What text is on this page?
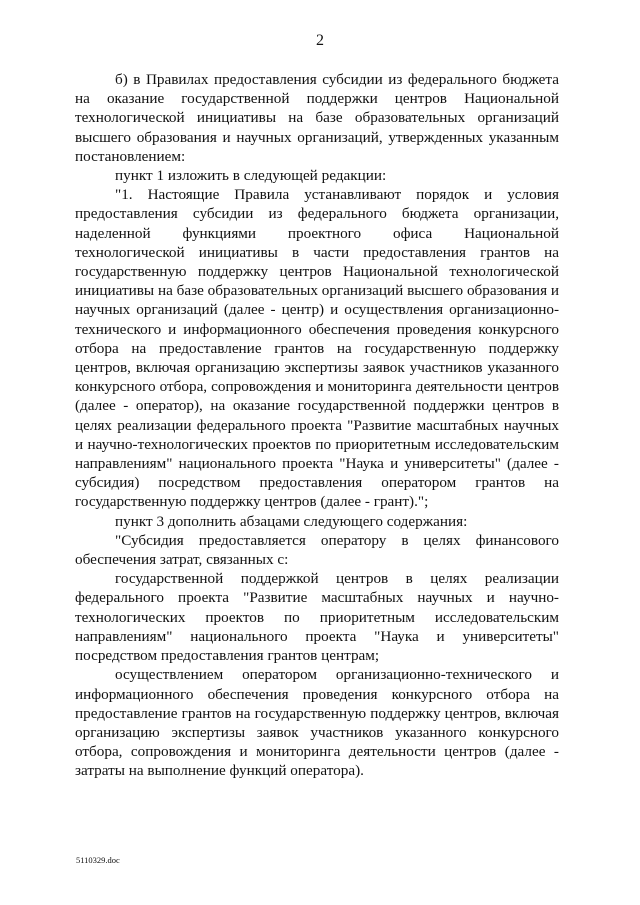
2

б) в Правилах предоставления субсидии из федерального бюджета на оказание государственной поддержки центров Национальной технологической инициативы на базе образовательных организаций высшего образования и научных организаций, утвержденных указанным постановлением:

пункт 1 изложить в следующей редакции:

"1. Настоящие Правила устанавливают порядок и условия предоставления субсидии из федерального бюджета организации, наделенной функциями проектного офиса Национальной технологической инициативы в части предоставления грантов на государственную поддержку центров Национальной технологической инициативы на базе образовательных организаций высшего образования и научных организаций (далее - центр) и осуществления организационно-технического и информационного обеспечения проведения конкурсного отбора на предоставление грантов на государственную поддержку центров, включая организацию экспертизы заявок участников указанного конкурсного отбора, сопровождения и мониторинга деятельности центров (далее - оператор), на оказание государственной поддержки центров в целях реализации федерального проекта "Развитие масштабных научных и научно-технологических проектов по приоритетным исследовательским направлениям" национального проекта "Наука и университеты" (далее - субсидия) посредством предоставления оператором грантов на государственную поддержку центров (далее - грант).";

пункт 3 дополнить абзацами следующего содержания:

"Субсидия предоставляется оператору в целях финансового обеспечения затрат, связанных с:

государственной поддержкой центров в целях реализации федерального проекта "Развитие масштабных научных и научно-технологических проектов по приоритетным исследовательским направлениям" национального проекта "Наука и университеты" посредством предоставления грантов центрам;

осуществлением оператором организационно-технического и информационного обеспечения проведения конкурсного отбора на предоставление грантов на государственную поддержку центров, включая организацию экспертизы заявок участников указанного конкурсного отбора, сопровождения и мониторинга деятельности центров (далее - затраты на выполнение функций оператора).

5110329.doc
